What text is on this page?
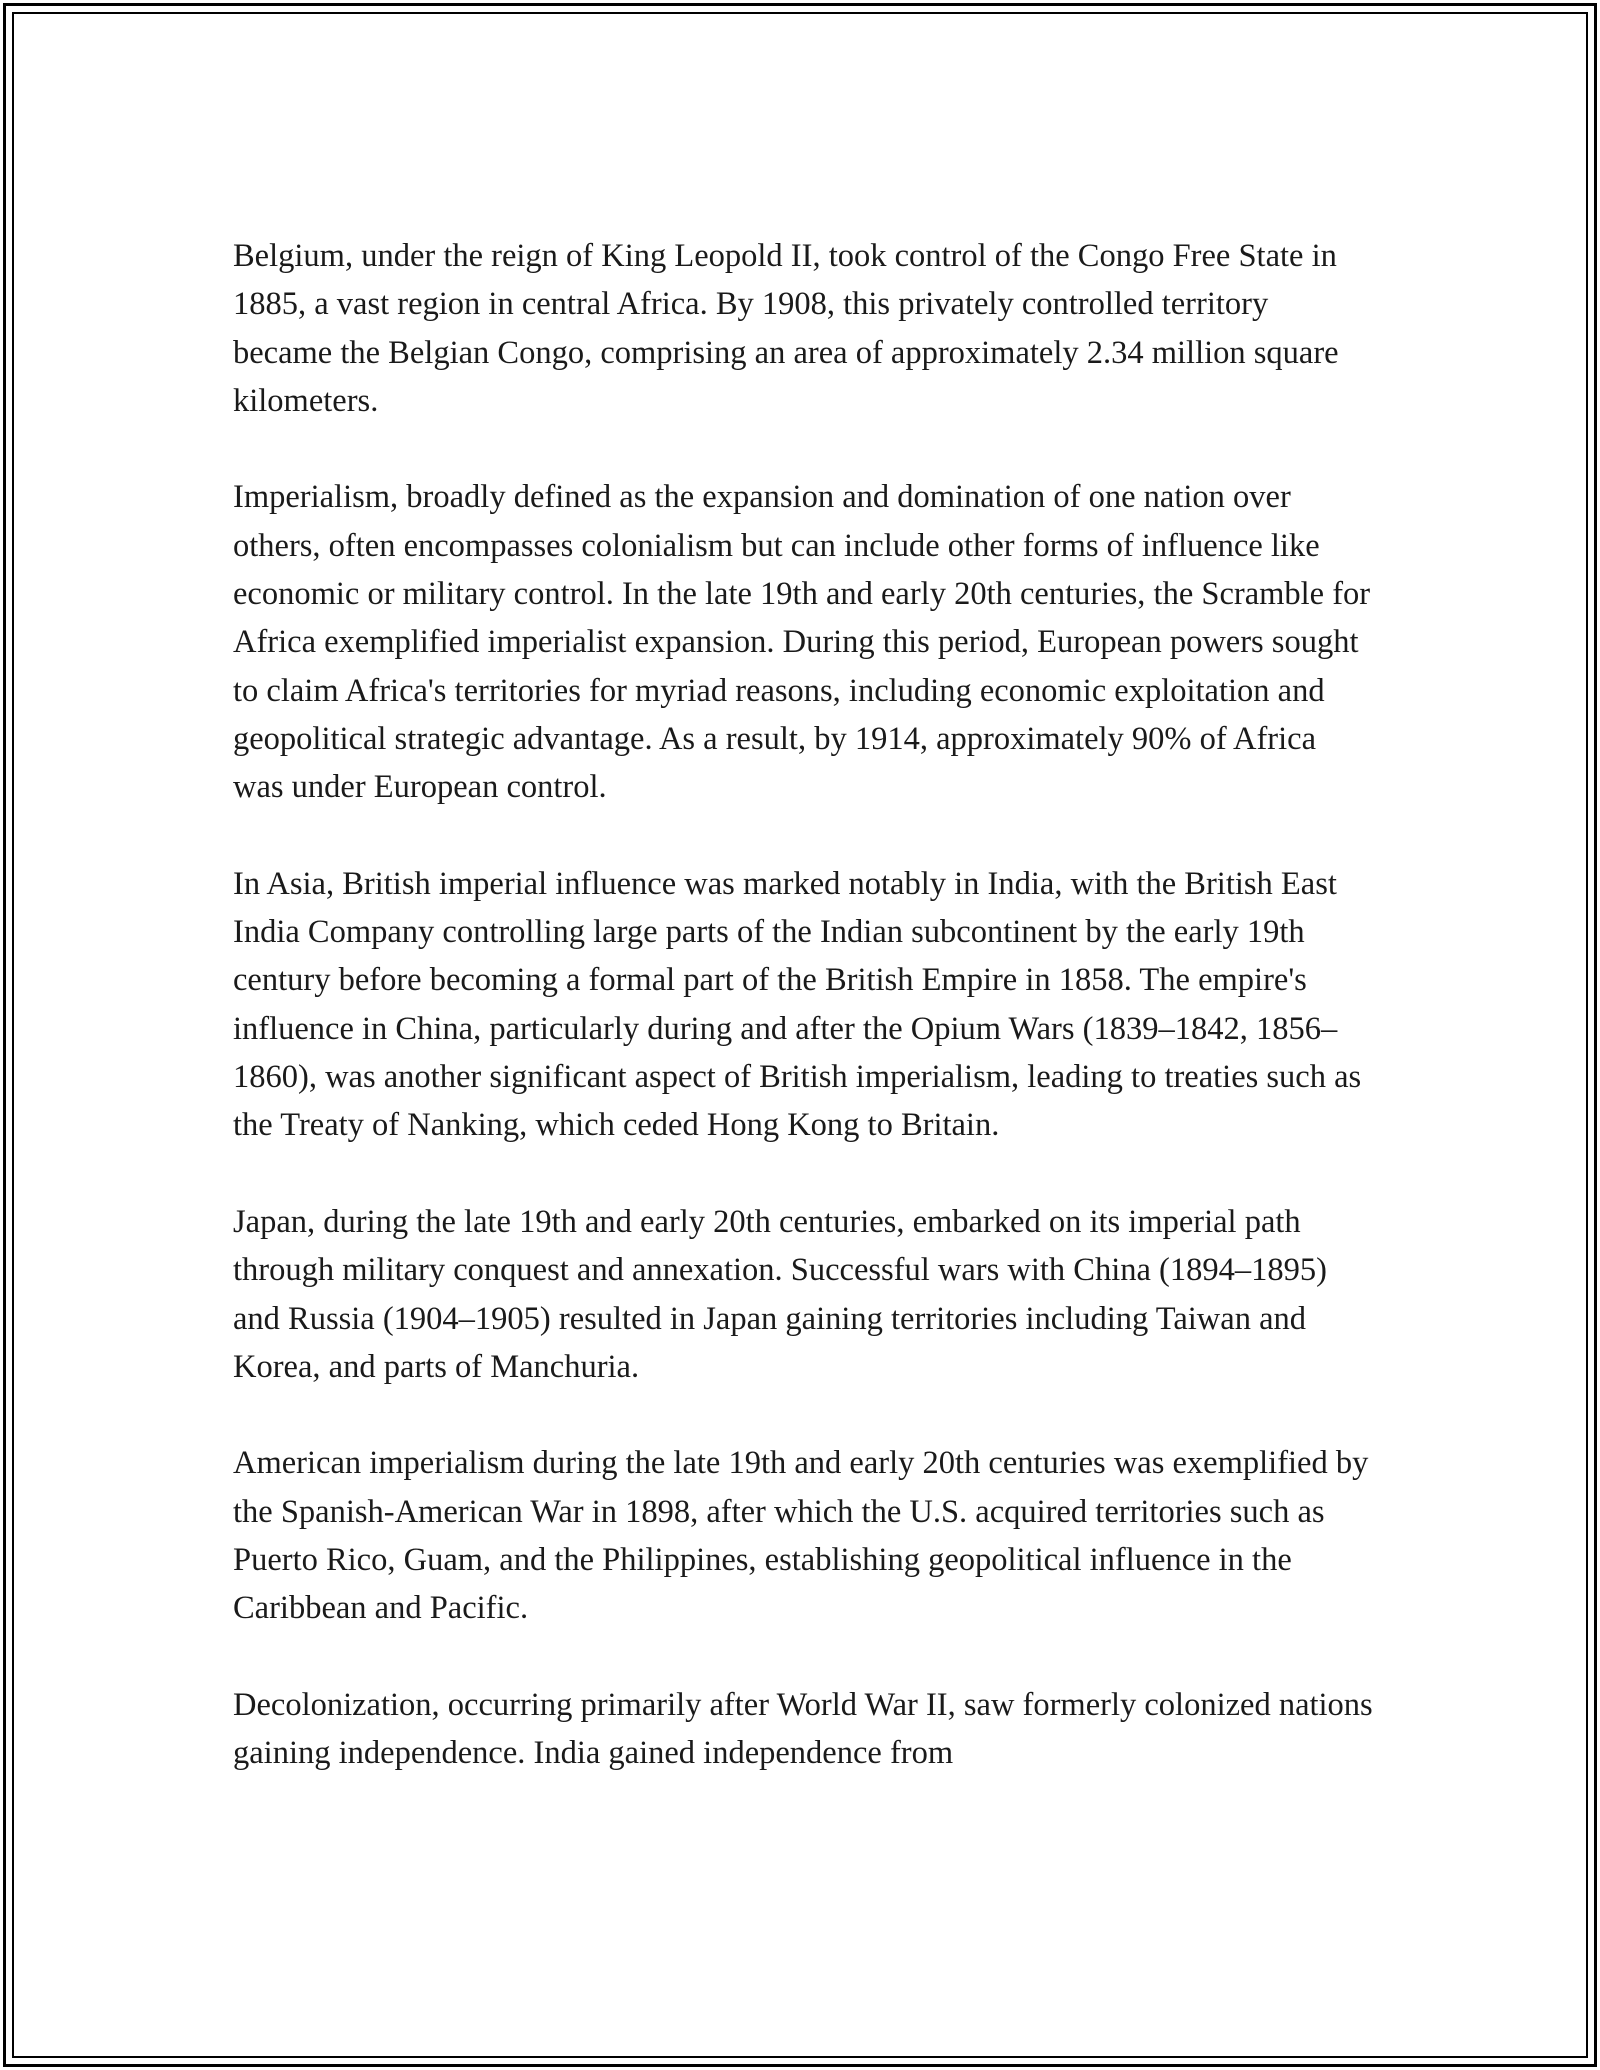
Belgium, under the reign of King Leopold II, took control of the Congo Free State in 1885, a vast region in central Africa. By 1908, this privately controlled territory became the Belgian Congo, comprising an area of approximately 2.34 million square kilometers.

Imperialism, broadly defined as the expansion and domination of one nation over others, often encompasses colonialism but can include other forms of influence like economic or military control. In the late 19th and early 20th centuries, the Scramble for Africa exemplified imperialist expansion. During this period, European powers sought to claim Africa's territories for myriad reasons, including economic exploitation and geopolitical strategic advantage. As a result, by 1914, approximately 90% of Africa was under European control.

In Asia, British imperial influence was marked notably in India, with the British East India Company controlling large parts of the Indian subcontinent by the early 19th century before becoming a formal part of the British Empire in 1858. The empire's influence in China, particularly during and after the Opium Wars (1839–1842, 1856–1860), was another significant aspect of British imperialism, leading to treaties such as the Treaty of Nanking, which ceded Hong Kong to Britain.

Japan, during the late 19th and early 20th centuries, embarked on its imperial path through military conquest and annexation. Successful wars with China (1894–1895) and Russia (1904–1905) resulted in Japan gaining territories including Taiwan and Korea, and parts of Manchuria.

American imperialism during the late 19th and early 20th centuries was exemplified by the Spanish-American War in 1898, after which the U.S. acquired territories such as Puerto Rico, Guam, and the Philippines, establishing geopolitical influence in the Caribbean and Pacific.

Decolonization, occurring primarily after World War II, saw formerly colonized nations gaining independence. India gained independence from
